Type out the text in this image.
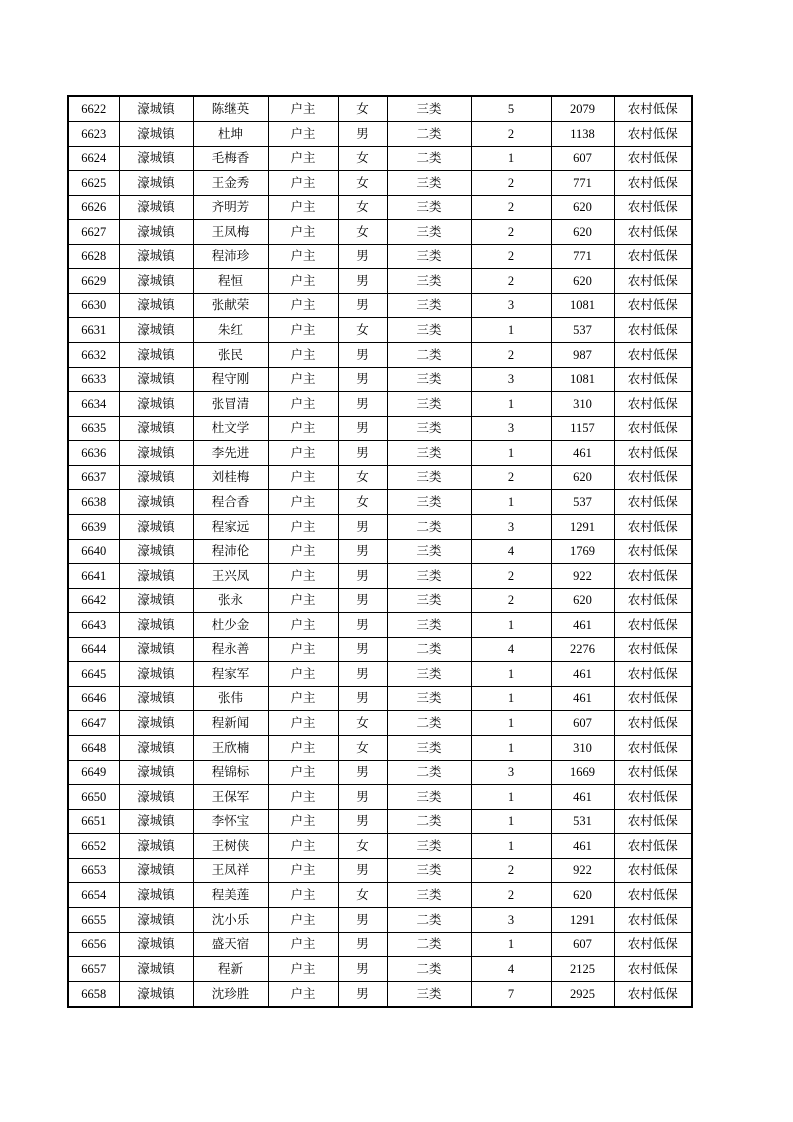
6622	濠城镇	陈继英	户主	女	三类	5	2079	农村低保
6623	濠城镇	杜坤	户主	男	二类	2	1138	农村低保
6624	濠城镇	毛梅香	户主	女	二类	1	607	农村低保
6625	濠城镇	王金秀	户主	女	三类	2	771	农村低保
6626	濠城镇	齐明芳	户主	女	三类	2	620	农村低保
6627	濠城镇	王凤梅	户主	女	三类	2	620	农村低保
6628	濠城镇	程沛珍	户主	男	三类	2	771	农村低保
6629	濠城镇	程恒	户主	男	三类	2	620	农村低保
6630	濠城镇	张献荣	户主	男	三类	3	1081	农村低保
6631	濠城镇	朱红	户主	女	三类	1	537	农村低保
6632	濠城镇	张民	户主	男	二类	2	987	农村低保
6633	濠城镇	程守刚	户主	男	三类	3	1081	农村低保
6634	濠城镇	张冒清	户主	男	三类	1	310	农村低保
6635	濠城镇	杜文学	户主	男	三类	3	1157	农村低保
6636	濠城镇	李先进	户主	男	三类	1	461	农村低保
6637	濠城镇	刘桂梅	户主	女	三类	2	620	农村低保
6638	濠城镇	程合香	户主	女	三类	1	537	农村低保
6639	濠城镇	程家远	户主	男	二类	3	1291	农村低保
6640	濠城镇	程沛伦	户主	男	三类	4	1769	农村低保
6641	濠城镇	王兴凤	户主	男	三类	2	922	农村低保
6642	濠城镇	张永	户主	男	三类	2	620	农村低保
6643	濠城镇	杜少金	户主	男	三类	1	461	农村低保
6644	濠城镇	程永善	户主	男	二类	4	2276	农村低保
6645	濠城镇	程家军	户主	男	三类	1	461	农村低保
6646	濠城镇	张伟	户主	男	三类	1	461	农村低保
6647	濠城镇	程新闻	户主	女	二类	1	607	农村低保
6648	濠城镇	王欣楠	户主	女	三类	1	310	农村低保
6649	濠城镇	程锦标	户主	男	二类	3	1669	农村低保
6650	濠城镇	王保军	户主	男	三类	1	461	农村低保
6651	濠城镇	李怀宝	户主	男	二类	1	531	农村低保
6652	濠城镇	王树侠	户主	女	三类	1	461	农村低保
6653	濠城镇	王凤祥	户主	男	三类	2	922	农村低保
6654	濠城镇	程美莲	户主	女	三类	2	620	农村低保
6655	濠城镇	沈小乐	户主	男	二类	3	1291	农村低保
6656	濠城镇	盛天宿	户主	男	二类	1	607	农村低保
6657	濠城镇	程新	户主	男	二类	4	2125	农村低保
6658	濠城镇	沈珍胜	户主	男	三类	7	2925	农村低保
